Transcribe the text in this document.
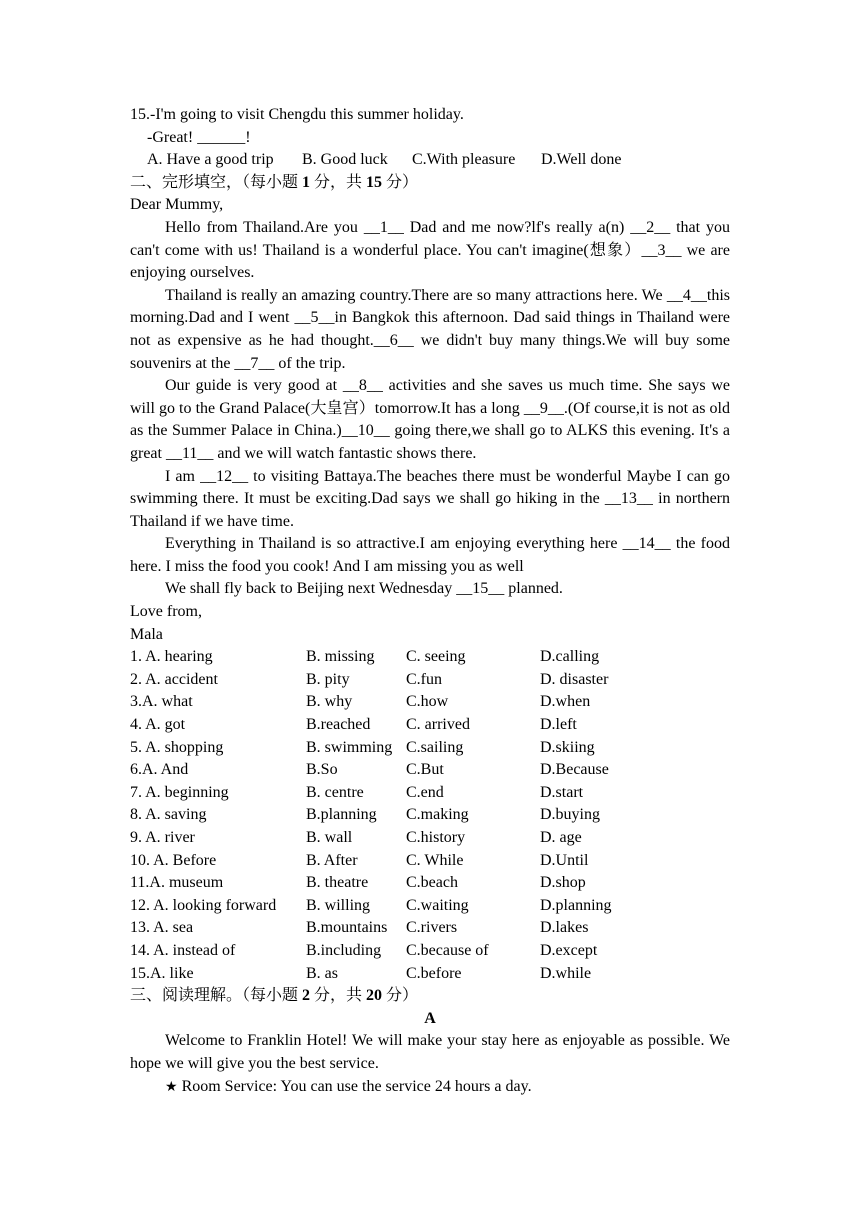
15.-I'm going to visit Chengdu this summer holiday.
-Great! ______!
A. Have a good trip B. Good luck C.With pleasure D.Well done
二、完形填空，（每小题 1 分，共 15 分）
Dear Mummy,

Hello from Thailand.Are you __1__ Dad and me now?lf's really a(n) __2__ that you can't come with us! Thailand is a wonderful place. You can't imagine(想象）__3__ we are enjoying ourselves.

Thailand is really an amazing country.There are so many attractions here. We __4__this morning.Dad and I went __5__in Bangkok this afternoon. Dad said things in Thailand were not as expensive as he had thought.__6__ we didn't buy many things.We will buy some souvenirs at the __7__ of the trip.

Our guide is very good at __8__ activities and she saves us much time. She says we will go to the Grand Palace(大皇宫）tomorrow.It has a long __9__.(Of course,it is not as old as the Summer Palace in China.)__10__ going there,we shall go to ALKS this evening. It's a great __11__ and we will watch fantastic shows there.

I am __12__ to visiting Battaya.The beaches there must be wonderful Maybe I can go swimming there. It must be exciting.Dad says we shall go hiking in the __13__ in northern Thailand if we have time.

Everything in Thailand is so attractive.I am enjoying everything here __14__ the food here. I miss the food you cook! And I am missing you as well

We shall fly back to Beijing next Wednesday __15__ planned.

Love from,
Mala
1. A. hearing	B. missing C. seeing	D.calling
2. A. accident	B. pity	C.fun	D. disaster
3.A. what	B. why	C.how	D.when
4. A. got	B.reached C. arrived	D.left
5. A. shopping	B. swimming C.sailing	D.skiing
6.A. And	B.So	C.But	D.Because
7. A. beginning	B. centre	C.end	D.start
8. A. saving	B.planning C.making	D.buying
9. A. river	B. wall	C.history	D. age
10. A. Before	B. After	C. While	D.Until
11.A. museum	B. theatre C.beach	D.shop
12. A. looking forward B. willing C.waiting	D.planning
13. A. sea	B.mountains C.rivers	D.lakes
14. A. instead of	B.including C.because of	D.except
15.A. like	B. as	C.before	D.while
三、阅读理解。（每小题 2 分，共 20 分）
A

Welcome to Franklin Hotel! We will make your stay here as enjoyable as possible. We hope we will give you the best service.

★ Room Service: You can use the service 24 hours a day.
